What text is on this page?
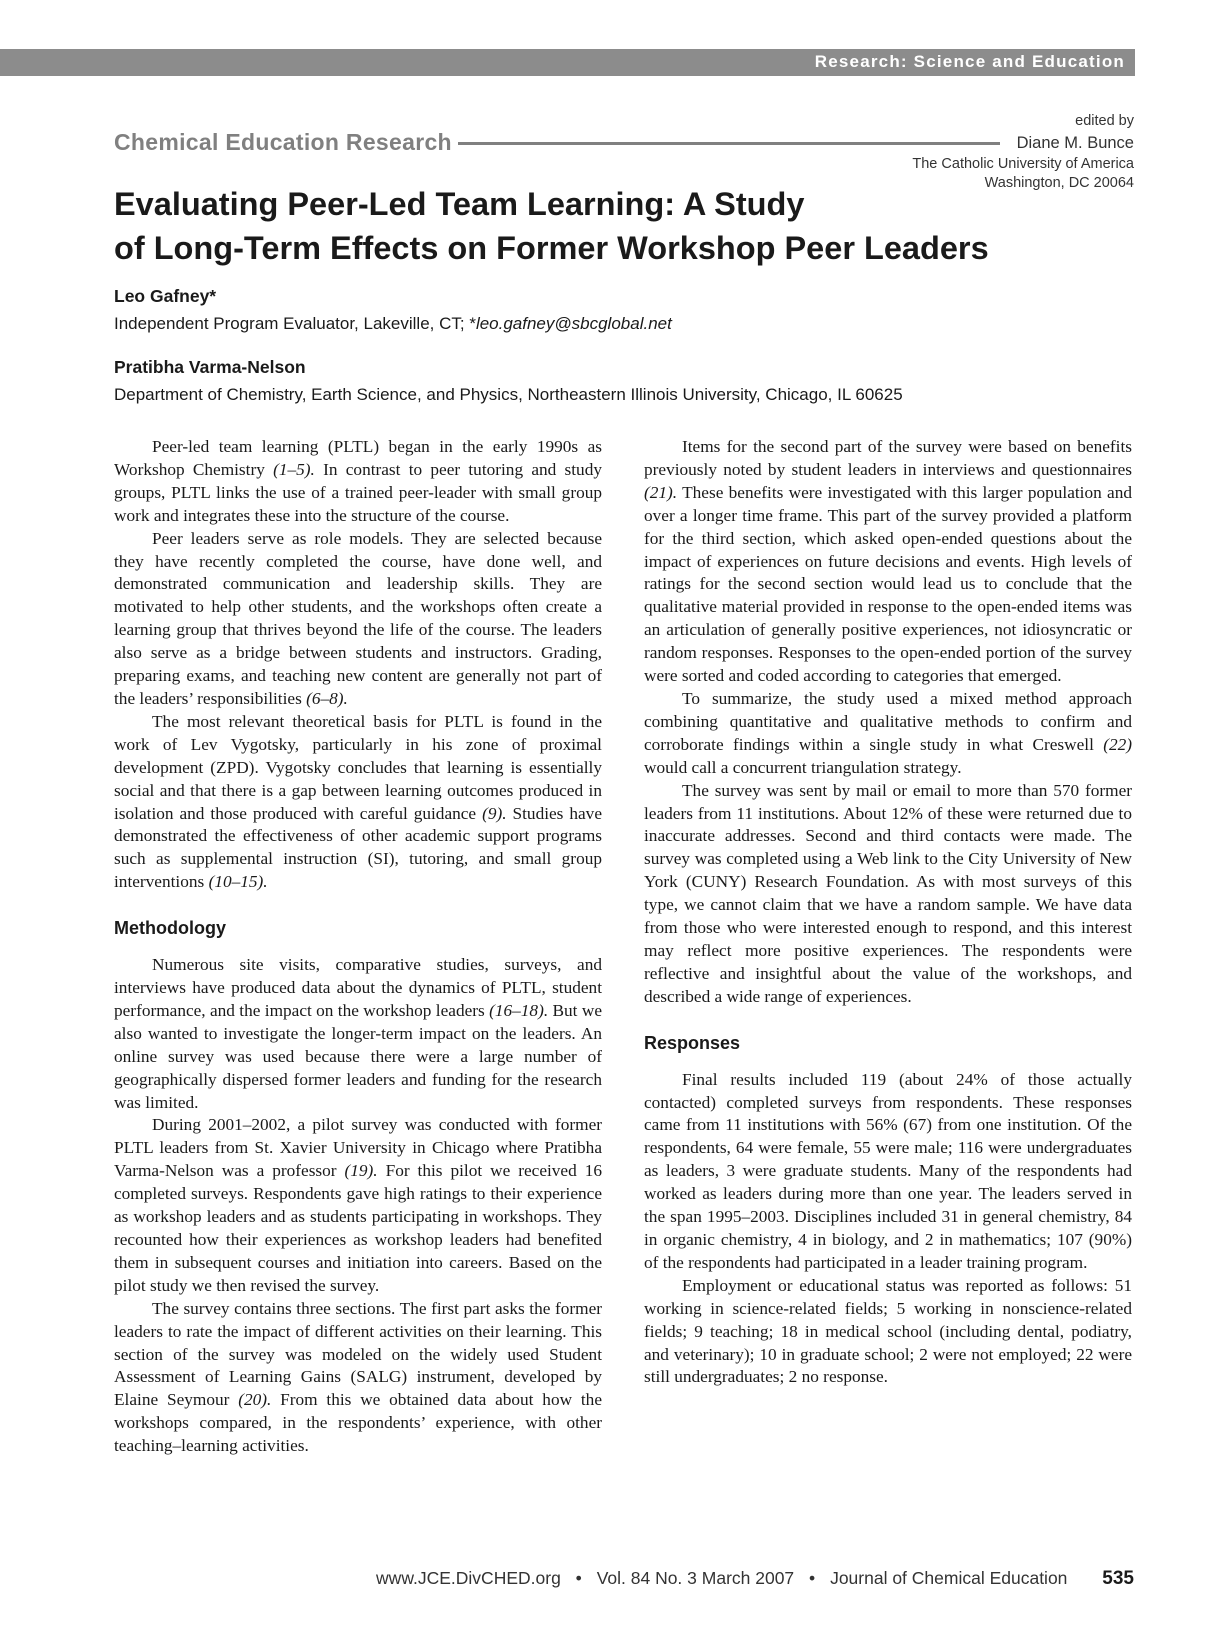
Research: Science and Education
Chemical Education Research
edited by
Diane M. Bunce
The Catholic University of America
Washington, DC 20064
Evaluating Peer-Led Team Learning: A Study
of Long-Term Effects on Former Workshop Peer Leaders
Leo Gafney*
Independent Program Evaluator, Lakeville, CT; *leo.gafney@sbcglobal.net
Pratibha Varma-Nelson
Department of Chemistry, Earth Science, and Physics, Northeastern Illinois University, Chicago, IL 60625

Peer-led team learning (PLTL) began in the early 1990s as Workshop Chemistry (1–5). In contrast to peer tutoring and study groups, PLTL links the use of a trained peer-leader with small group work and integrates these into the structure of the course.

Peer leaders serve as role models. They are selected because they have recently completed the course, have done well, and demonstrated communication and leadership skills. They are motivated to help other students, and the workshops often create a learning group that thrives beyond the life of the course. The leaders also serve as a bridge between students and instructors. Grading, preparing exams, and teaching new content are generally not part of the leaders’ responsibilities (6–8).

The most relevant theoretical basis for PLTL is found in the work of Lev Vygotsky, particularly in his zone of proximal development (ZPD). Vygotsky concludes that learning is essentially social and that there is a gap between learning outcomes produced in isolation and those produced with careful guidance (9). Studies have demonstrated the effectiveness of other academic support programs such as supplemental instruction (SI), tutoring, and small group interventions (10–15).

Methodology

Numerous site visits, comparative studies, surveys, and interviews have produced data about the dynamics of PLTL, student performance, and the impact on the workshop leaders (16–18). But we also wanted to investigate the longer-term impact on the leaders. An online survey was used because there were a large number of geographically dispersed former leaders and funding for the research was limited.

During 2001–2002, a pilot survey was conducted with former PLTL leaders from St. Xavier University in Chicago where Pratibha Varma-Nelson was a professor (19). For this pilot we received 16 completed surveys. Respondents gave high ratings to their experience as workshop leaders and as students participating in workshops. They recounted how their experiences as workshop leaders had benefited them in subsequent courses and initiation into careers. Based on the pilot study we then revised the survey.

The survey contains three sections. The first part asks the former leaders to rate the impact of different activities on their learning. This section of the survey was modeled on the widely used Student Assessment of Learning Gains (SALG) instrument, developed by Elaine Seymour (20). From this we obtained data about how the workshops compared, in the respondents’ experience, with other teaching–learning activities.

Items for the second part of the survey were based on benefits previously noted by student leaders in interviews and questionnaires (21). These benefits were investigated with this larger population and over a longer time frame. This part of the survey provided a platform for the third section, which asked open-ended questions about the impact of experiences on future decisions and events. High levels of ratings for the second section would lead us to conclude that the qualitative material provided in response to the open-ended items was an articulation of generally positive experiences, not idiosyncratic or random responses. Responses to the open-ended portion of the survey were sorted and coded according to categories that emerged.

To summarize, the study used a mixed method approach combining quantitative and qualitative methods to confirm and corroborate findings within a single study in what Creswell (22) would call a concurrent triangulation strategy.

The survey was sent by mail or email to more than 570 former leaders from 11 institutions. About 12% of these were returned due to inaccurate addresses. Second and third contacts were made. The survey was completed using a Web link to the City University of New York (CUNY) Research Foundation. As with most surveys of this type, we cannot claim that we have a random sample. We have data from those who were interested enough to respond, and this interest may reflect more positive experiences. The respondents were reflective and insightful about the value of the workshops, and described a wide range of experiences.

Responses

Final results included 119 (about 24% of those actually contacted) completed surveys from respondents. These responses came from 11 institutions with 56% (67) from one institution. Of the respondents, 64 were female, 55 were male; 116 were undergraduates as leaders, 3 were graduate students. Many of the respondents had worked as leaders during more than one year. The leaders served in the span 1995–2003. Disciplines included 31 in general chemistry, 84 in organic chemistry, 4 in biology, and 2 in mathematics; 107 (90%) of the respondents had participated in a leader training program.

Employment or educational status was reported as follows: 51 working in science-related fields; 5 working in nonscience-related fields; 9 teaching; 18 in medical school (including dental, podiatry, and veterinary); 10 in graduate school; 2 were not employed; 22 were still undergraduates; 2 no response.

www.JCE.DivCHED.org • Vol. 84 No. 3 March 2007 • Journal of Chemical Education 535
